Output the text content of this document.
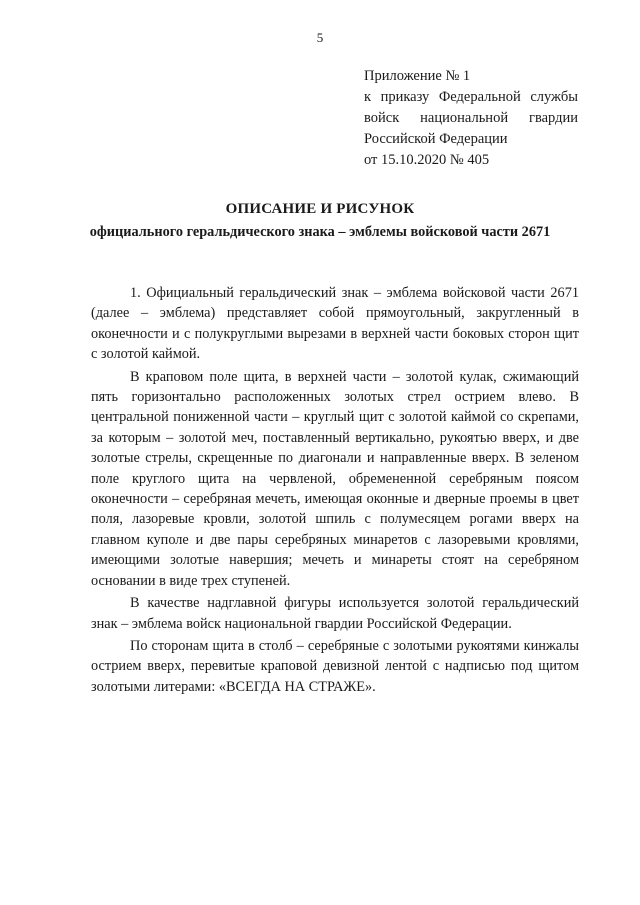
5
Приложение № 1
к приказу Федеральной службы
войск национальной гвардии
Российской Федерации
от 15.10.2020 № 405
ОПИСАНИЕ И РИСУНОК
официального геральдического знака – эмблемы войсковой части 2671

1. Официальный геральдический знак – эмблема войсковой части 2671 (далее – эмблема) представляет собой прямоугольный, закругленный в оконечности и с полукруглыми вырезами в верхней части боковых сторон щит с золотой каймой.

В краповом поле щита, в верхней части – золотой кулак, сжимающий пять горизонтально расположенных золотых стрел острием влево. В центральной пониженной части – круглый щит с золотой каймой со скрепами, за которым – золотой меч, поставленный вертикально, рукоятью вверх, и две золотые стрелы, скрещенные по диагонали и направленные вверх. В зеленом поле круглого щита на червленой, обремененной серебряным поясом оконечности – серебряная мечеть, имеющая оконные и дверные проемы в цвет поля, лазоревые кровли, золотой шпиль с полумесяцем рогами вверх на главном куполе и две пары серебряных минаретов с лазоревыми кровлями, имеющими золотые навершия; мечеть и минареты стоят на серебряном основании в виде трех ступеней.

В качестве надглавной фигуры используется золотой геральдический знак – эмблема войск национальной гвардии Российской Федерации.

По сторонам щита в столб – серебряные с золотыми рукоятями кинжалы острием вверх, перевитые краповой девизной лентой с надписью под щитом золотыми литерами: «ВСЕГДА НА СТРАЖЕ».
